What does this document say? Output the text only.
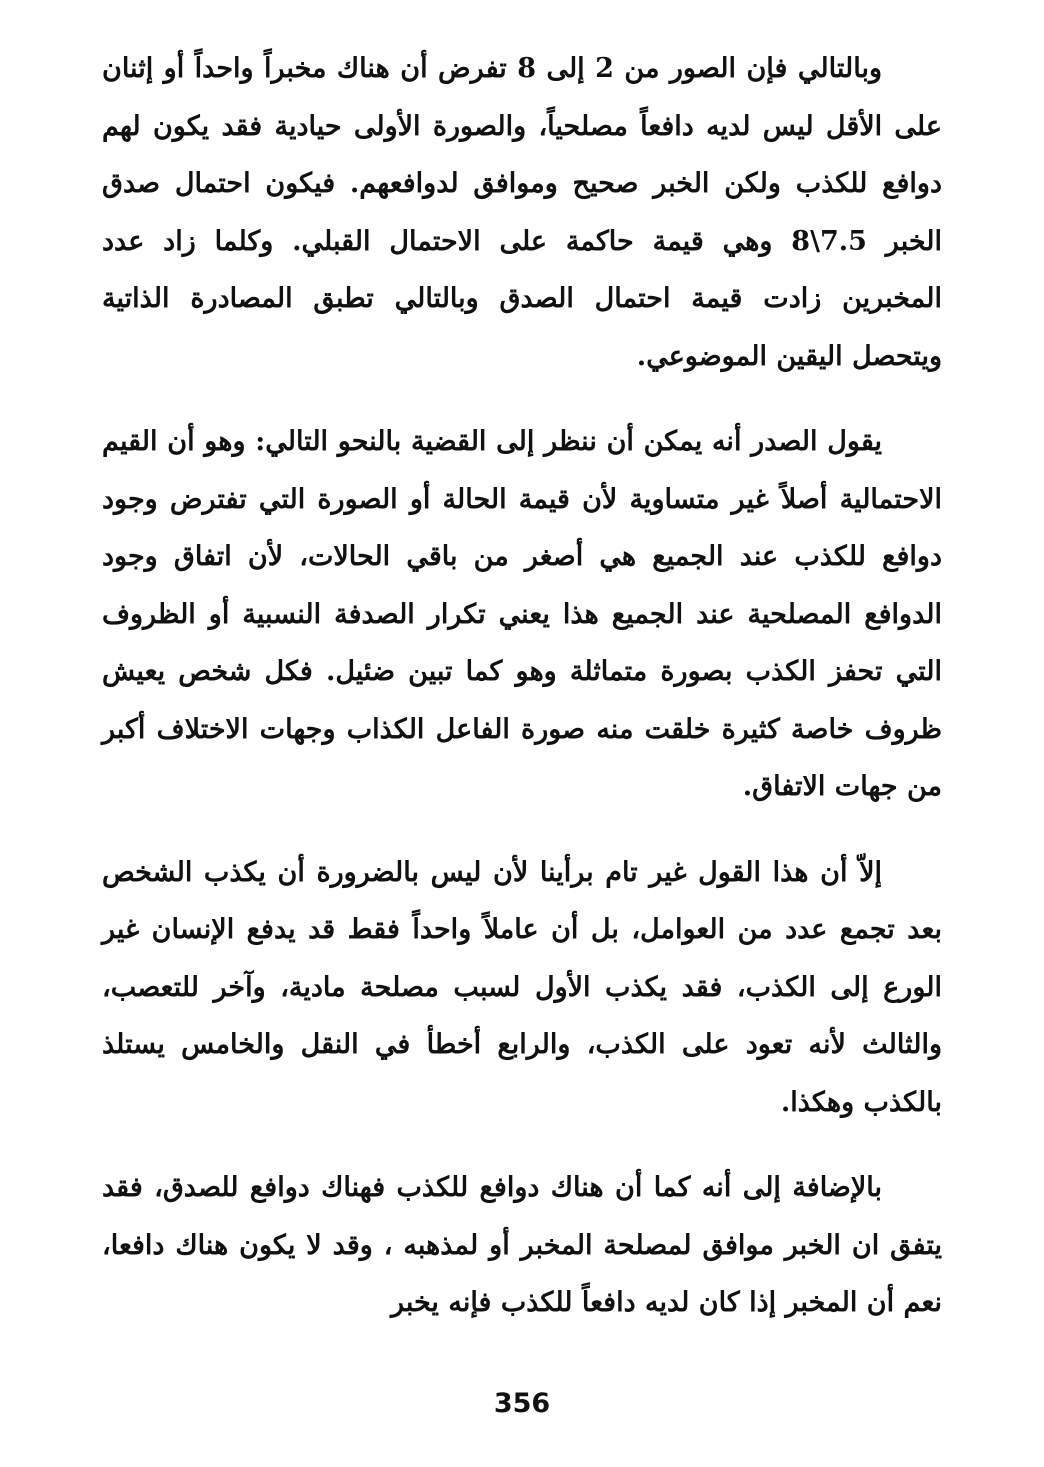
وبالتالي فإن الصور من 2 إلى 8 تفرض أن هناك مخبراً واحداً أو إثنان على الأقل ليس لديه دافعاً مصلحياً، والصورة الأولى حيادية فقد يكون لهم دوافع للكذب ولكن الخبر صحيح وموافق لدوافعهم. فيكون احتمال صدق الخبر 7.5\8 وهي قيمة حاكمة على الاحتمال القبلي. وكلما زاد عدد المخبرين زادت قيمة احتمال الصدق وبالتالي تطبق المصادرة الذاتية ويتحصل اليقين الموضوعي.

يقول الصدر أنه يمكن أن ننظر إلى القضية بالنحو التالي: وهو أن القيم الاحتمالية أصلاً غير متساوية لأن قيمة الحالة أو الصورة التي تفترض وجود دوافع للكذب عند الجميع هي أصغر من باقي الحالات، لأن اتفاق وجود الدوافع المصلحية عند الجميع هذا يعني تكرار الصدفة النسبية أو الظروف التي تحفز الكذب بصورة متماثلة وهو كما تبين ضئيل. فكل شخص يعيش ظروف خاصة كثيرة خلقت منه صورة الفاعل الكذاب وجهات الاختلاف أكبر من جهات الاتفاق.

إلاّ أن هذا القول غير تام برأينا لأن ليس بالضرورة أن يكذب الشخص بعد تجمع عدد من العوامل، بل أن عاملاً واحداً فقط قد يدفع الإنسان غير الورع إلى الكذب، فقد يكذب الأول لسبب مصلحة مادية، وآخر للتعصب، والثالث لأنه تعود على الكذب، والرابع أخطأ في النقل والخامس يستلذ بالكذب وهكذا.

بالإضافة إلى أنه كما أن هناك دوافع للكذب فهناك دوافع للصدق، فقد يتفق ان الخبر موافق لمصلحة المخبر أو لمذهبه ، وقد لا يكون هناك دافعا، نعم أن المخبر إذا كان لديه دافعاً للكذب فإنه يخبر

356
